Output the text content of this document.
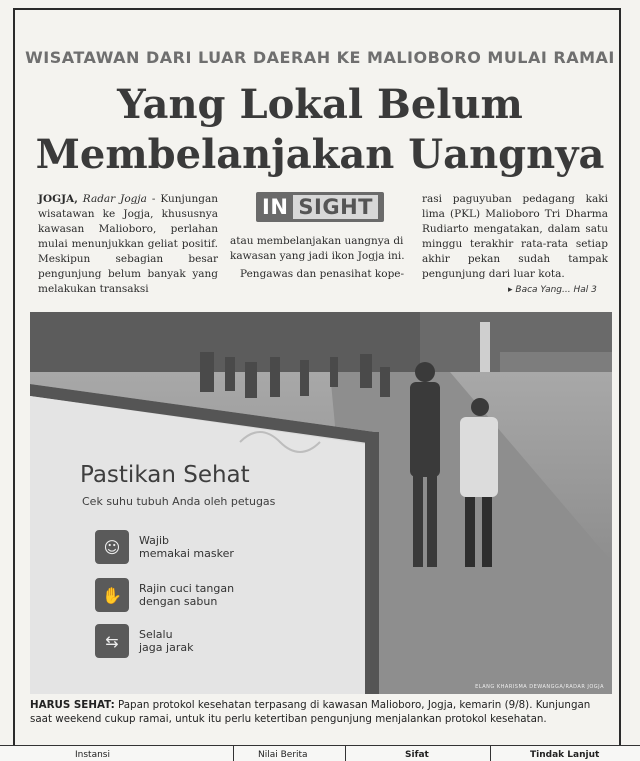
WISATAWAN DARI LUAR DAERAH KE MALIOBORO MULAI RAMAI
Yang Lokal Belum
Membelanjakan Uangnya

JOGJA, Radar Jogja - Kunjungan wisatawan ke Jogja, khususnya kawasan Malioboro, perlahan mulai menunjukkan geliat positif. Meskipun sebagian besar pengunjung belum banyak yang melakukan transaksi

IN SIGHT

atau membelanjakan uangnya di kawasan yang jadi ikon Jogja ini.

Pengawas dan penasihat kope-

rasi paguyuban pedagang kaki lima (PKL) Malioboro Tri Dharma Rudiarto mengatakan, dalam satu minggu terakhir rata-rata setiap akhir pekan sudah tampak pengunjung dari luar kota.

▸ Baca Yang... Hal 3
ELANG KHARISMA DEWANGGA/RADAR JOGJA
Pastikan Sehat
Cek suhu tubuh Anda oleh petugas
☺	Wajib
memakai masker
✋	Rajin cuci tangan
dengan sabun
⇆	Selalu
jaga jarak
HARUS SEHAT: Papan protokol kesehatan terpasang di kawasan Malioboro, Jogja, kemarin (9/8). Kunjungan saat weekend cukup ramai, untuk itu perlu ketertiban pengunjung menjalankan protokol kesehatan.
Instansi	Nilai Berita	Sifat	Tindak Lanjut
